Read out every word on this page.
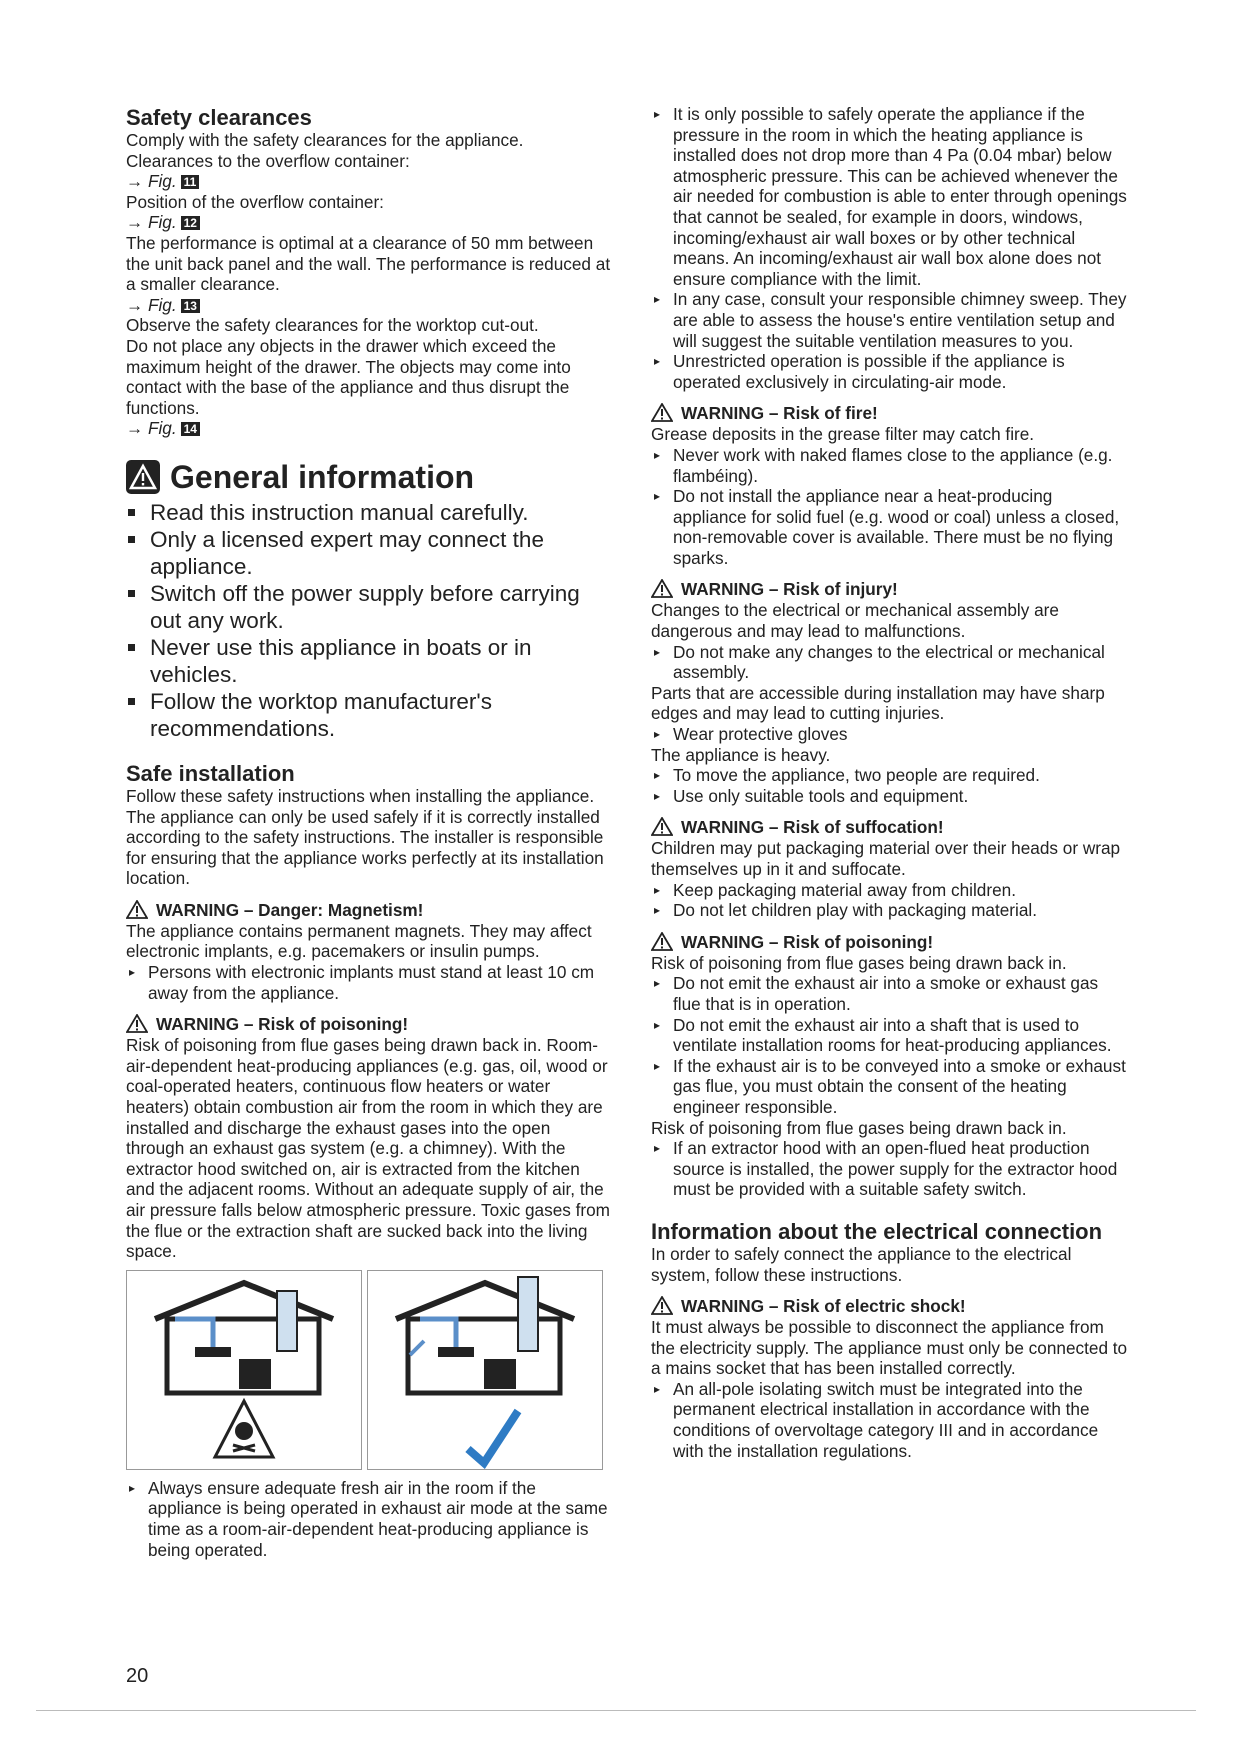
Safety clearances

Comply with the safety clearances for the appliance.

Clearances to the overflow container:

→ Fig. 11

Position of the overflow container:

→ Fig. 12

The performance is optimal at a clearance of 50 mm between the unit back panel and the wall. The performance is reduced at a smaller clearance.

→ Fig. 13

Observe the safety clearances for the worktop cut-out.

Do not place any objects in the drawer which exceed the maximum height of the drawer. The objects may come into contact with the base of the appliance and thus disrupt the functions.

→ Fig. 14
General information

Read this instruction manual carefully.

Only a licensed expert may connect the appliance.

Switch off the power supply before carrying out any work.

Never use this appliance in boats or in vehicles.

Follow the worktop manufacturer's recommendations.

Safe installation

Follow these safety instructions when installing the appliance.

The appliance can only be used safely if it is correctly installed according to the safety instructions. The installer is responsible for ensuring that the appliance works perfectly at its installation location.

WARNING – Danger: Magnetism!

The appliance contains permanent magnets. They may affect electronic implants, e.g. pacemakers or insulin pumps.

▸ Persons with electronic implants must stand at least 10 cm away from the appliance.

WARNING – Risk of poisoning!

Risk of poisoning from flue gases being drawn back in. Room-air-dependent heat-producing appliances (e.g. gas, oil, wood or coal-operated heaters, continuous flow heaters or water heaters) obtain combustion air from the room in which they are installed and discharge the exhaust gases into the open through an exhaust gas system (e.g. a chimney). With the extractor hood switched on, air is extracted from the kitchen and the adjacent rooms. Without an adequate supply of air, the air pressure falls below atmospheric pressure. Toxic gases from the flue or the extraction shaft are sucked back into the living space.

▸ Always ensure adequate fresh air in the room if the appliance is being operated in exhaust air mode at the same time as a room-air-dependent heat-producing appliance is being operated.

▸ It is only possible to safely operate the appliance if the pressure in the room in which the heating appliance is installed does not drop more than 4 Pa (0.04 mbar) below atmospheric pressure. This can be achieved whenever the air needed for combustion is able to enter through openings that cannot be sealed, for example in doors, windows, incoming/exhaust air wall boxes or by other technical means. An incoming/exhaust air wall box alone does not ensure compliance with the limit.

▸ In any case, consult your responsible chimney sweep. They are able to assess the house's entire ventilation setup and will suggest the suitable ventilation measures to you.

▸ Unrestricted operation is possible if the appliance is operated exclusively in circulating-air mode.

WARNING – Risk of fire!

Grease deposits in the grease filter may catch fire.

▸ Never work with naked flames close to the appliance (e.g. flambéing).

▸ Do not install the appliance near a heat-producing appliance for solid fuel (e.g. wood or coal) unless a closed, non-removable cover is available. There must be no flying sparks.

WARNING – Risk of injury!

Changes to the electrical or mechanical assembly are dangerous and may lead to malfunctions.

▸ Do not make any changes to the electrical or mechanical assembly.

Parts that are accessible during installation may have sharp edges and may lead to cutting injuries.

▸ Wear protective gloves

The appliance is heavy.

▸ To move the appliance, two people are required.

▸ Use only suitable tools and equipment.

WARNING – Risk of suffocation!

Children may put packaging material over their heads or wrap themselves up in it and suffocate.

▸ Keep packaging material away from children.

▸ Do not let children play with packaging material.

WARNING – Risk of poisoning!

Risk of poisoning from flue gases being drawn back in.

▸ Do not emit the exhaust air into a smoke or exhaust gas flue that is in operation.

▸ Do not emit the exhaust air into a shaft that is used to ventilate installation rooms for heat-producing appliances.

▸ If the exhaust air is to be conveyed into a smoke or exhaust gas flue, you must obtain the consent of the heating engineer responsible.

Risk of poisoning from flue gases being drawn back in.

▸ If an extractor hood with an open-flued heat production source is installed, the power supply for the extractor hood must be provided with a suitable safety switch.

Information about the electrical connection

In order to safely connect the appliance to the electrical system, follow these instructions.

WARNING – Risk of electric shock!

It must always be possible to disconnect the appliance from the electricity supply. The appliance must only be connected to a mains socket that has been installed correctly.

▸ An all-pole isolating switch must be integrated into the permanent electrical installation in accordance with the conditions of overvoltage category III and in accordance with the installation regulations.

20
